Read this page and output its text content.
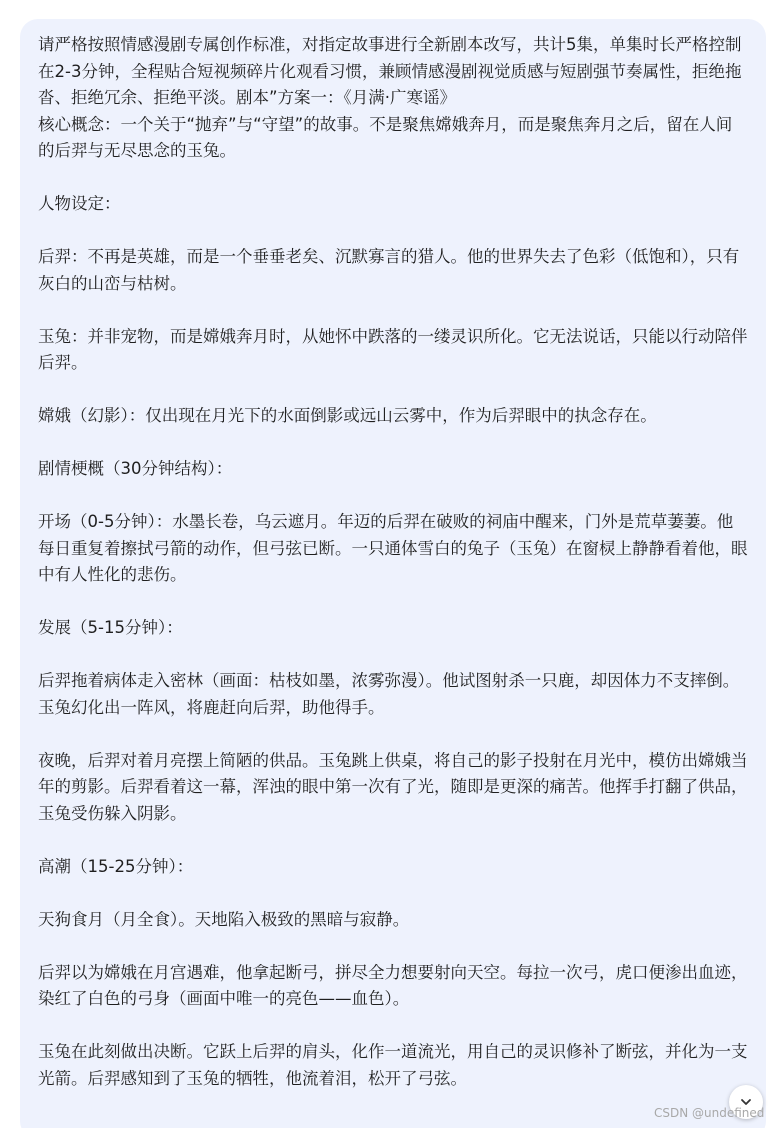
请严格按照情感漫剧专属创作标准，对指定故事进行全新剧本改写，共计5集，单集时长严格控制在2-3分钟，全程贴合短视频碎片化观看习惯，兼顾情感漫剧视觉质感与短剧强节奏属性，拒绝拖沓、拒绝冗余、拒绝平淡。剧本”方案一：《月满·广寒谣》
核心概念：一个关于“抛弃”与“守望”的故事。不是聚焦嫦娥奔月，而是聚焦奔月之后，留在人间的后羿与无尽思念的玉兔。

人物设定：

后羿：不再是英雄，而是一个垂垂老矣、沉默寡言的猎人。他的世界失去了色彩（低饱和），只有灰白的山峦与枯树。

玉兔：并非宠物，而是嫦娥奔月时，从她怀中跌落的一缕灵识所化。它无法说话，只能以行动陪伴后羿。

嫦娥（幻影）：仅出现在月光下的水面倒影或远山云雾中，作为后羿眼中的执念存在。

剧情梗概（30分钟结构）：

开场（0-5分钟）：水墨长卷，乌云遮月。年迈的后羿在破败的祠庙中醒来，门外是荒草萋萋。他每日重复着擦拭弓箭的动作，但弓弦已断。一只通体雪白的兔子（玉兔）在窗棂上静静看着他，眼中有人性化的悲伤。

发展（5-15分钟）：

后羿拖着病体走入密林（画面：枯枝如墨，浓雾弥漫）。他试图射杀一只鹿，却因体力不支摔倒。玉兔幻化出一阵风，将鹿赶向后羿，助他得手。

夜晚，后羿对着月亮摆上简陋的供品。玉兔跳上供桌，将自己的影子投射在月光中，模仿出嫦娥当年的剪影。后羿看着这一幕，浑浊的眼中第一次有了光，随即是更深的痛苦。他挥手打翻了供品，玉兔受伤躲入阴影。

高潮（15-25分钟）：

天狗食月（月全食）。天地陷入极致的黑暗与寂静。

后羿以为嫦娥在月宫遇难，他拿起断弓，拼尽全力想要射向天空。每拉一次弓，虎口便渗出血迹，染红了白色的弓身（画面中唯一的亮色——血色）。

玉兔在此刻做出决断。它跃上后羿的肩头，化作一道流光，用自己的灵识修补了断弦，并化为一支光箭。后羿感知到了玉兔的牺牲，他流着泪，松开了弓弦。

CSDN @undefined
